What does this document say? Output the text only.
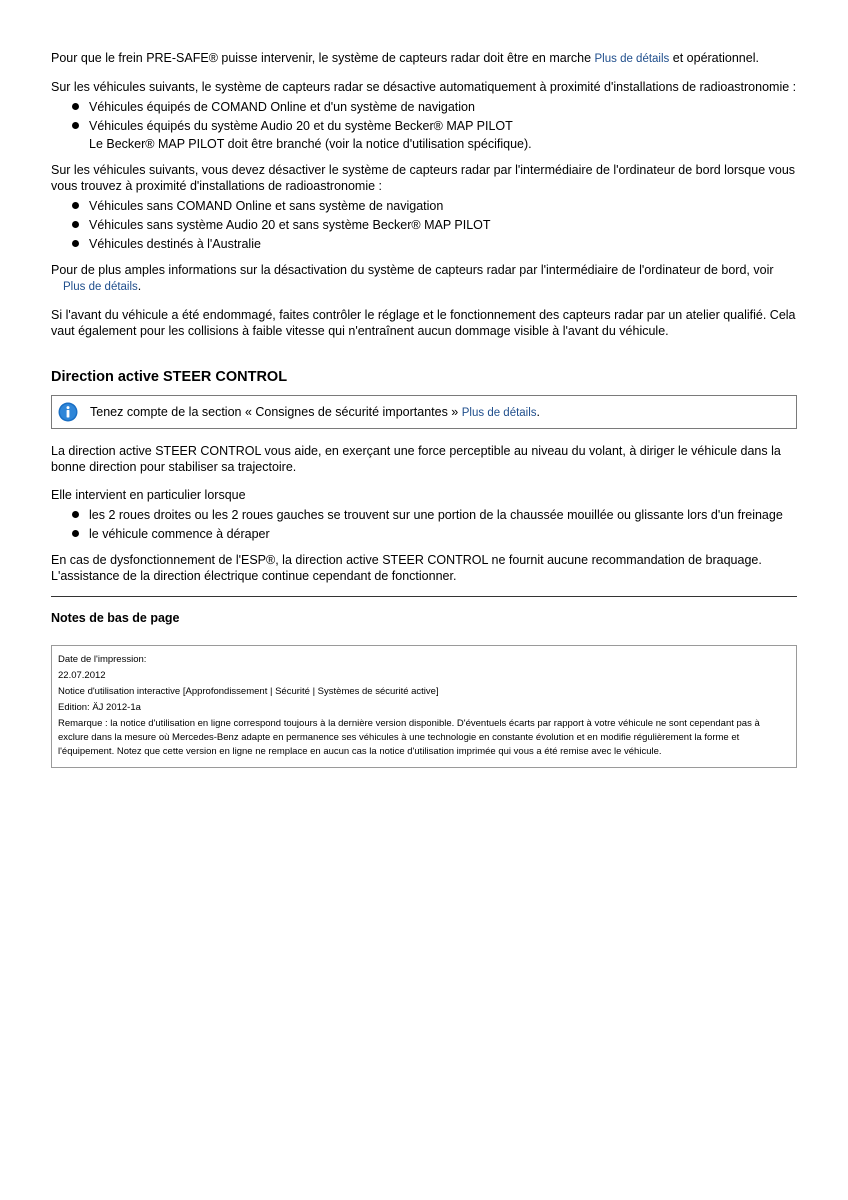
Pour que le frein PRE-SAFE® puisse intervenir, le système de capteurs radar doit être en marche Plus de détails et opérationnel.

Sur les véhicules suivants, le système de capteurs radar se désactive automatiquement à proximité d'installations de radioastronomie :

Véhicules équipés de COMAND Online et d'un système de navigation
Véhicules équipés du système Audio 20 et du système Becker® MAP PILOT

Le Becker® MAP PILOT doit être branché (voir la notice d'utilisation spécifique).

Sur les véhicules suivants, vous devez désactiver le système de capteurs radar par l'intermédiaire de l'ordinateur de bord lorsque vous vous trouvez à proximité d'installations de radioastronomie :

Véhicules sans COMAND Online et sans système de navigation
Véhicules sans système Audio 20 et sans système Becker® MAP PILOT
Véhicules destinés à l'Australie

Pour de plus amples informations sur la désactivation du système de capteurs radar par l'intermédiaire de l'ordinateur de bord, voir
Plus de détails.

Si l'avant du véhicule a été endommagé, faites contrôler le réglage et le fonctionnement des capteurs radar par un atelier qualifié. Cela vaut également pour les collisions à faible vitesse qui n'entraînent aucun dommage visible à l'avant du véhicule.

Direction active STEER CONTROL
Tenez compte de la section « Consignes de sécurité importantes » Plus de détails.

La direction active STEER CONTROL vous aide, en exerçant une force perceptible au niveau du volant, à diriger le véhicule dans la bonne direction pour stabiliser sa trajectoire.

Elle intervient en particulier lorsque

les 2 roues droites ou les 2 roues gauches se trouvent sur une portion de la chaussée mouillée ou glissante lors d'un freinage
le véhicule commence à déraper

En cas de dysfonctionnement de l'ESP®, la direction active STEER CONTROL ne fournit aucune recommandation de braquage. L'assistance de la direction électrique continue cependant de fonctionner.

Notes de bas de page
Date de l'impression:
22.07.2012
Notice d'utilisation interactive [Approfondissement | Sécurité | Systèmes de sécurité active]
Edition: ÄJ 2012-1a
Remarque : la notice d'utilisation en ligne correspond toujours à la dernière version disponible. D'éventuels écarts par rapport à votre véhicule ne sont cependant pas à exclure dans la mesure où Mercedes-Benz adapte en permanence ses véhicules à une technologie en constante évolution et en modifie régulièrement la forme et l'équipement. Notez que cette version en ligne ne remplace en aucun cas la notice d'utilisation imprimée qui vous a été remise avec le véhicule.
